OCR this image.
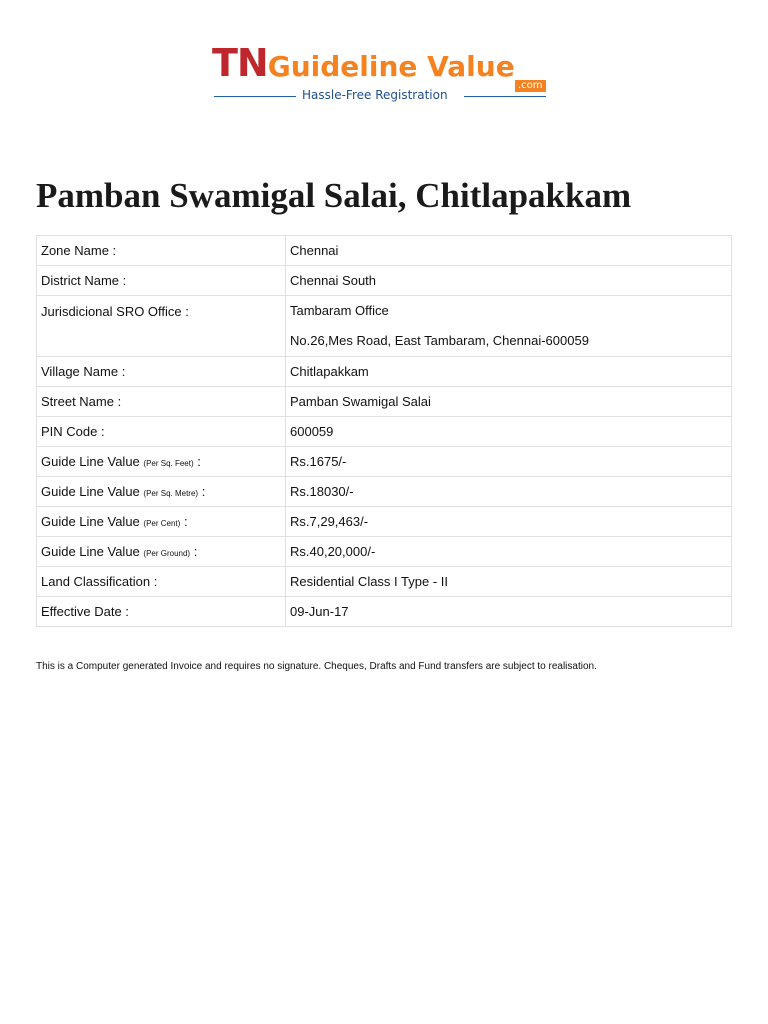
TNGuideline Value
.com
Hassle-Free Registration
Pamban Swamigal Salai, Chitlapakkam
Zone Name :	Chennai
District Name :	Chennai South
Jurisdicional SRO Office :	Tambaram Office
No.26,Mes Road, East Tambaram, Chennai-600059

Village Name :	Chitlapakkam
Street Name :	Pamban Swamigal Salai
PIN Code :	600059
Guide Line Value (Per Sq. Feet) :	Rs.1675/-
Guide Line Value (Per Sq. Metre) :	Rs.18030/-
Guide Line Value (Per Cent) :	Rs.7,29,463/-
Guide Line Value (Per Ground) :	Rs.40,20,000/-
Land Classification :	Residential Class I Type - II
Effective Date :	09-Jun-17
This is a Computer generated Invoice and requires no signature. Cheques, Drafts and Fund transfers are subject to realisation.
